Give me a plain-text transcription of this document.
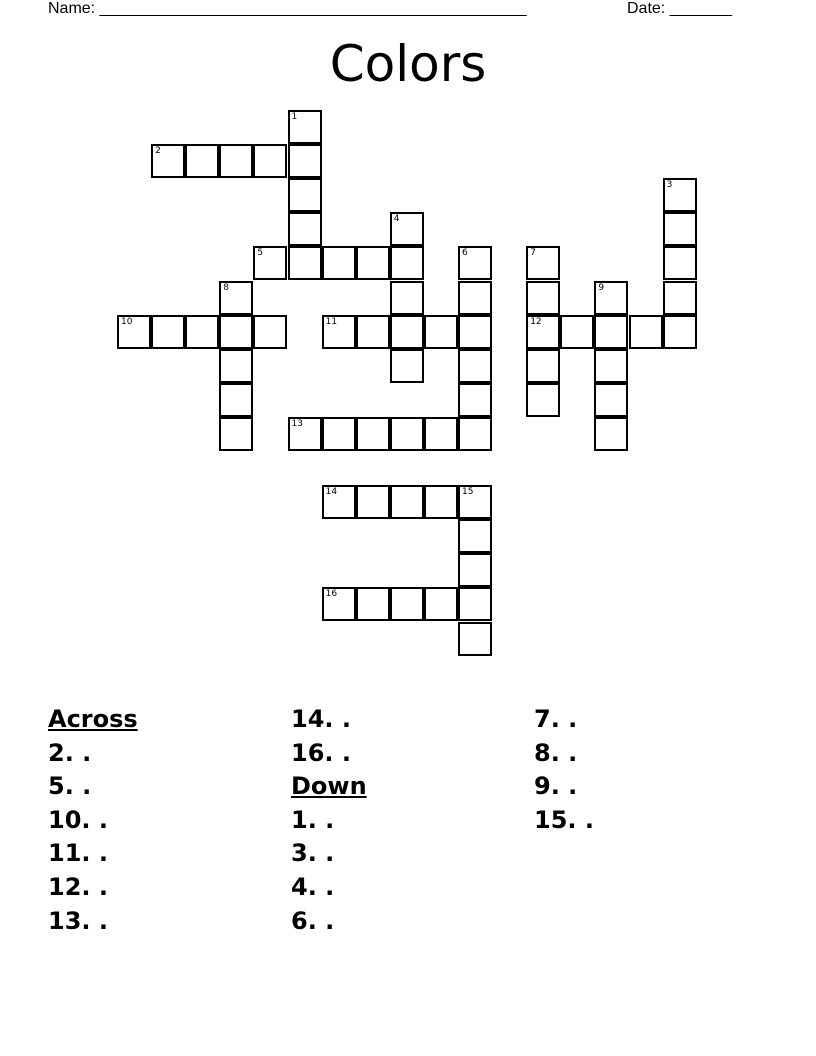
Name: ________________________________________________	Date: _______
Colors
2
5
10	11	12
13
14	15
16
1
3
4
6	7
8	9
Across
2. .
5. .
10. .
11. .
12. .
13. .
14. .
16. .
Down
1. .
3. .
4. .
6. .
7. .
8. .
9. .
15. .
